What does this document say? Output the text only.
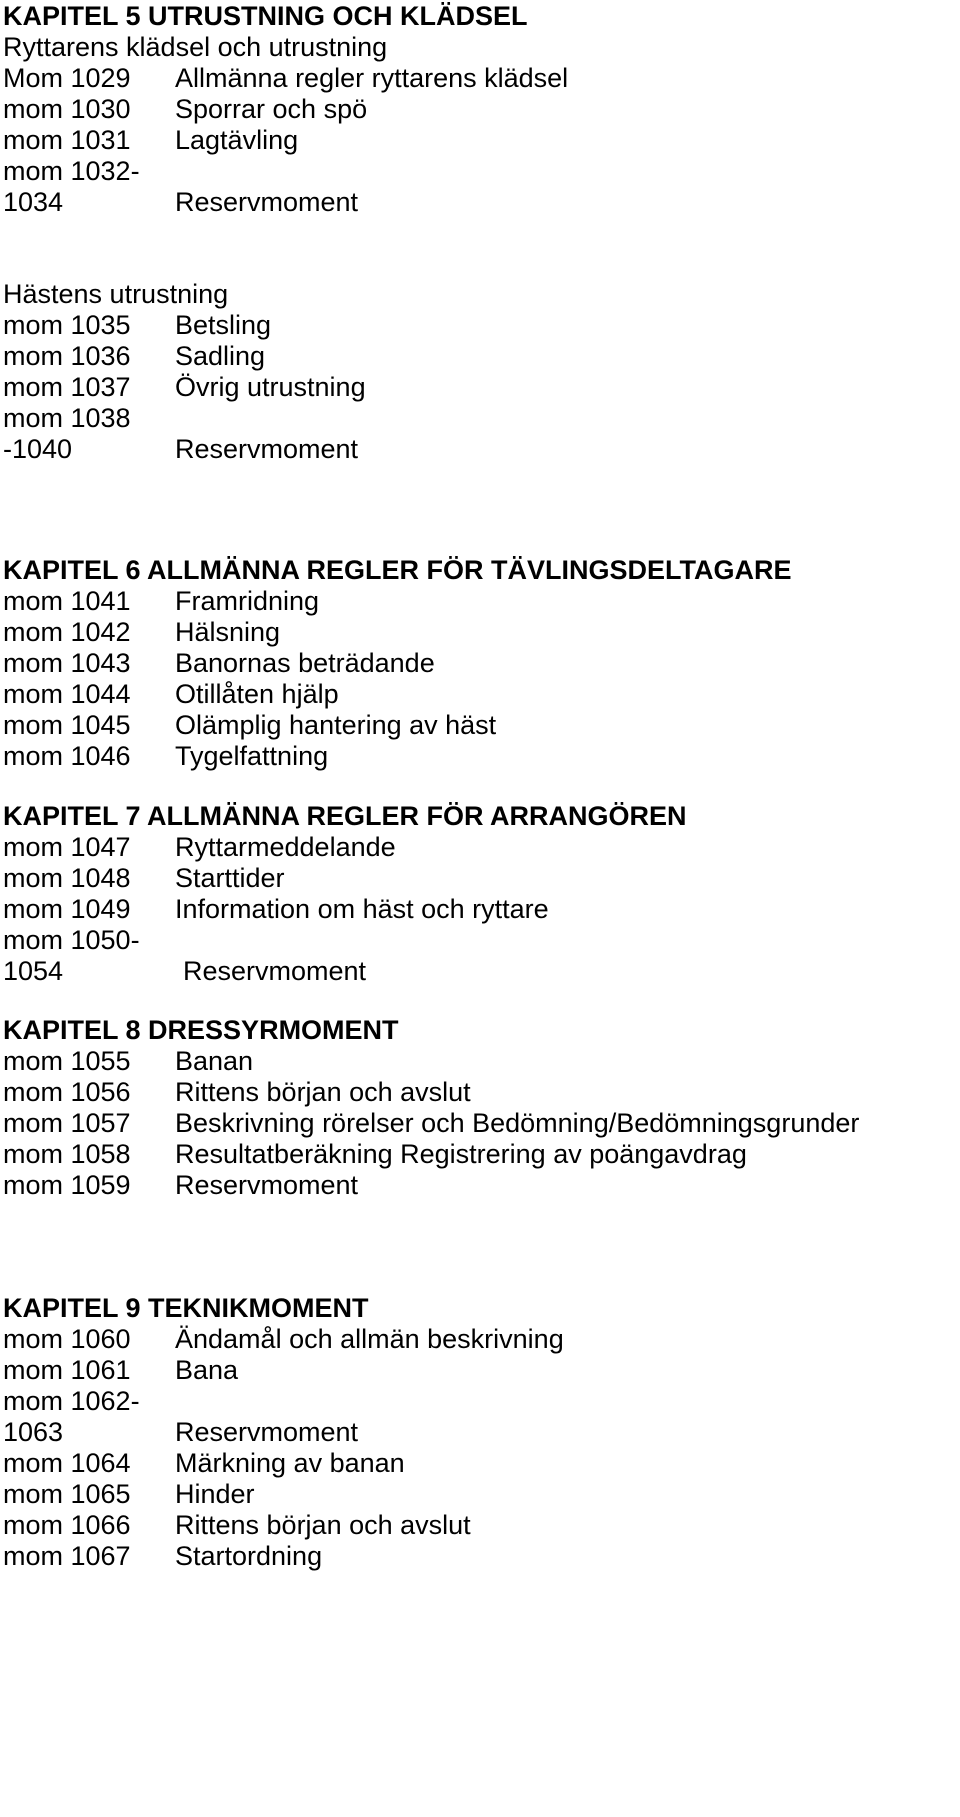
KAPITEL 5 UTRUSTNING OCH KLÄDSEL
Ryttarens klädsel och utrustning
Mom 1029 Allmänna regler ryttarens klädsel
mom 1030 Sporrar och spö
mom 1031 Lagtävling
mom 1032-
1034	Reservmoment
Hästens utrustning
mom 1035 Betsling
mom 1036 Sadling
mom 1037 Övrig utrustning
mom 1038
-1040	Reservmoment
KAPITEL 6 ALLMÄNNA REGLER FÖR TÄVLINGSDELTAGARE
mom 1041 Framridning
mom 1042 Hälsning
mom 1043 Banornas beträdande
mom 1044 Otillåten hjälp
mom 1045 Olämplig hantering av häst
mom 1046 Tygelfattning
KAPITEL 7 ALLMÄNNA REGLER FÖR ARRANGÖREN
mom 1047 Ryttarmeddelande
mom 1048 Starttider
mom 1049 Information om häst och ryttare
mom 1050-
1054	Reservmoment
KAPITEL 8 DRESSYRMOMENT
mom 1055 Banan
mom 1056 Rittens början och avslut
mom 1057 Beskrivning rörelser och Bedömning/Bedömningsgrunder
mom 1058 Resultatberäkning Registrering av poängavdrag
mom 1059 Reservmoment
KAPITEL 9 TEKNIKMOMENT
mom 1060 Ändamål och allmän beskrivning
mom 1061 Bana
mom 1062-
1063	Reservmoment
mom 1064 Märkning av banan
mom 1065 Hinder
mom 1066 Rittens början och avslut
mom 1067 Startordning
